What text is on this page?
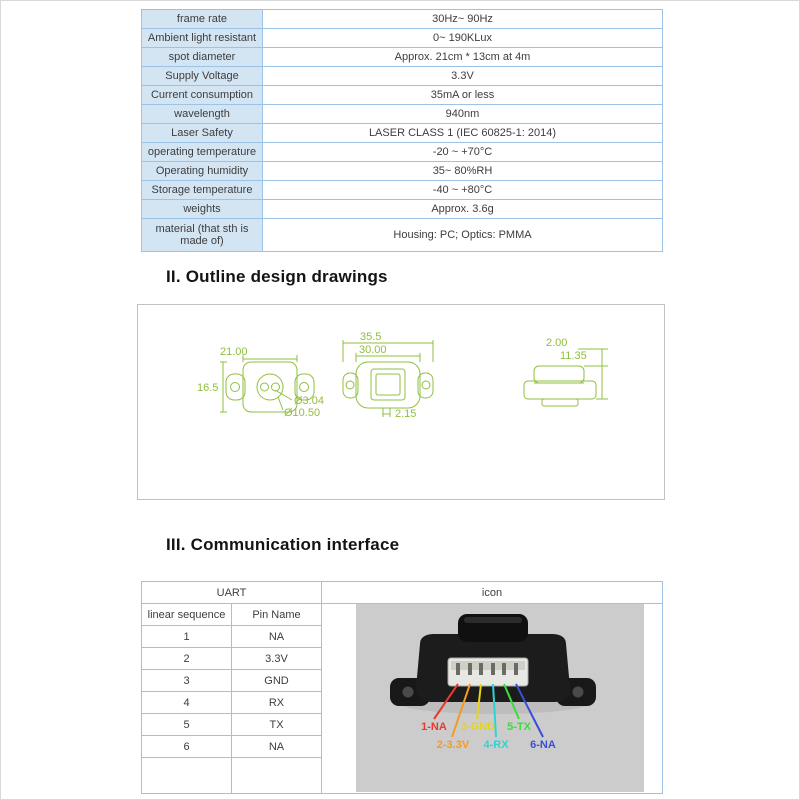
frame rate	30Hz~ 90Hz
Ambient light resistant	0~ 190KLux
spot diameter	Approx. 21cm * 13cm at 4m
Supply Voltage	3.3V
Current consumption	35mA or less
wavelength	940nm
Laser Safety	LASER CLASS 1 (IEC 60825-1: 2014)
operating temperature	-20 ~ +70°C
Operating humidity	35~ 80%RH
Storage temperature	-40 ~ +80°C
weights	Approx. 3.6g
material (that sth is made of)	Housing: PC; Optics: PMMA
II. Outline design drawings
21.00
16.5
Ø3.04
Ø10.50
35.5
30.00
2.15
2.00
11.35
III. Communication interface
UART		icon
linear sequence	Pin Name	
1-NA
2-3.3V
3-GND
4-RX
5-TX
6-NA

1	NA	
2	3.3V	
3	GND	
4	RX	
5	TX	
6	NA	
